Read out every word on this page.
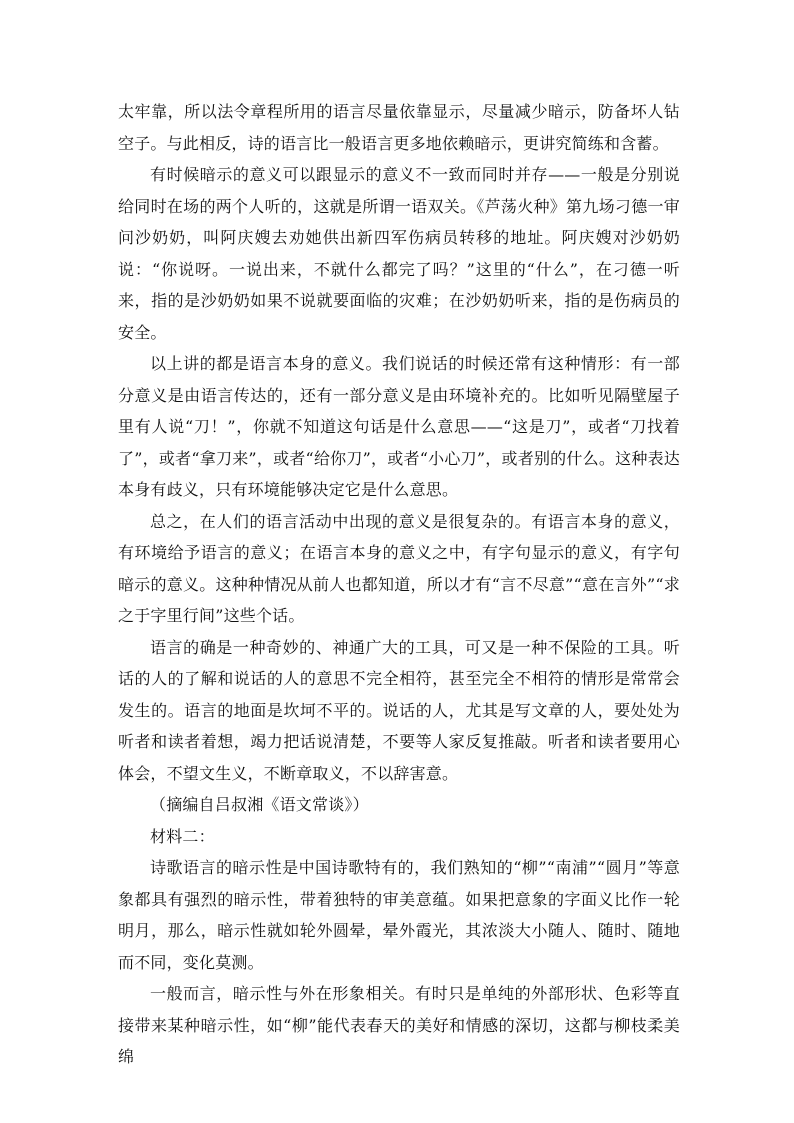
太牢靠，所以法令章程所用的语言尽量依靠显示，尽量减少暗示，防备坏人钻空子。与此相反，诗的语言比一般语言更多地依赖暗示，更讲究简练和含蓄。

有时候暗示的意义可以跟显示的意义不一致而同时并存——一般是分别说给同时在场的两个人听的，这就是所谓一语双关。《芦荡火种》第九场刁德一审问沙奶奶，叫阿庆嫂去劝她供出新四军伤病员转移的地址。阿庆嫂对沙奶奶说：“你说呀。一说出来，不就什么都完了吗？”这里的“什么”，在刁德一听来，指的是沙奶奶如果不说就要面临的灾难；在沙奶奶听来，指的是伤病员的安全。

以上讲的都是语言本身的意义。我们说话的时候还常有这种情形：有一部分意义是由语言传达的，还有一部分意义是由环境补充的。比如听见隔壁屋子里有人说“刀！”，你就不知道这句话是什么意思——“这是刀”，或者“刀找着了”，或者“拿刀来”，或者“给你刀”，或者“小心刀”，或者别的什么。这种表达本身有歧义，只有环境能够决定它是什么意思。

总之，在人们的语言活动中出现的意义是很复杂的。有语言本身的意义，有环境给予语言的意义；在语言本身的意义之中，有字句显示的意义，有字句暗示的意义。这种种情况从前人也都知道，所以才有“言不尽意”“意在言外”“求之于字里行间”这些个话。

语言的确是一种奇妙的、神通广大的工具，可又是一种不保险的工具。听话的人的了解和说话的人的意思不完全相符，甚至完全不相符的情形是常常会发生的。语言的地面是坎坷不平的。说话的人，尤其是写文章的人，要处处为听者和读者着想，竭力把话说清楚，不要等人家反复推敲。听者和读者要用心体会，不望文生义，不断章取义，不以辞害意。

（摘编自吕叔湘《语文常谈》）

材料二：

诗歌语言的暗示性是中国诗歌特有的，我们熟知的“柳”“南浦”“圆月”等意象都具有强烈的暗示性，带着独特的审美意蕴。如果把意象的字面义比作一轮明月，那么，暗示性就如轮外圆晕，晕外霞光，其浓淡大小随人、随时、随地而不同，变化莫测。

一般而言，暗示性与外在形象相关。有时只是单纯的外部形状、色彩等直接带来某种暗示性，如“柳”能代表春天的美好和情感的深切，这都与柳枝柔美绵
